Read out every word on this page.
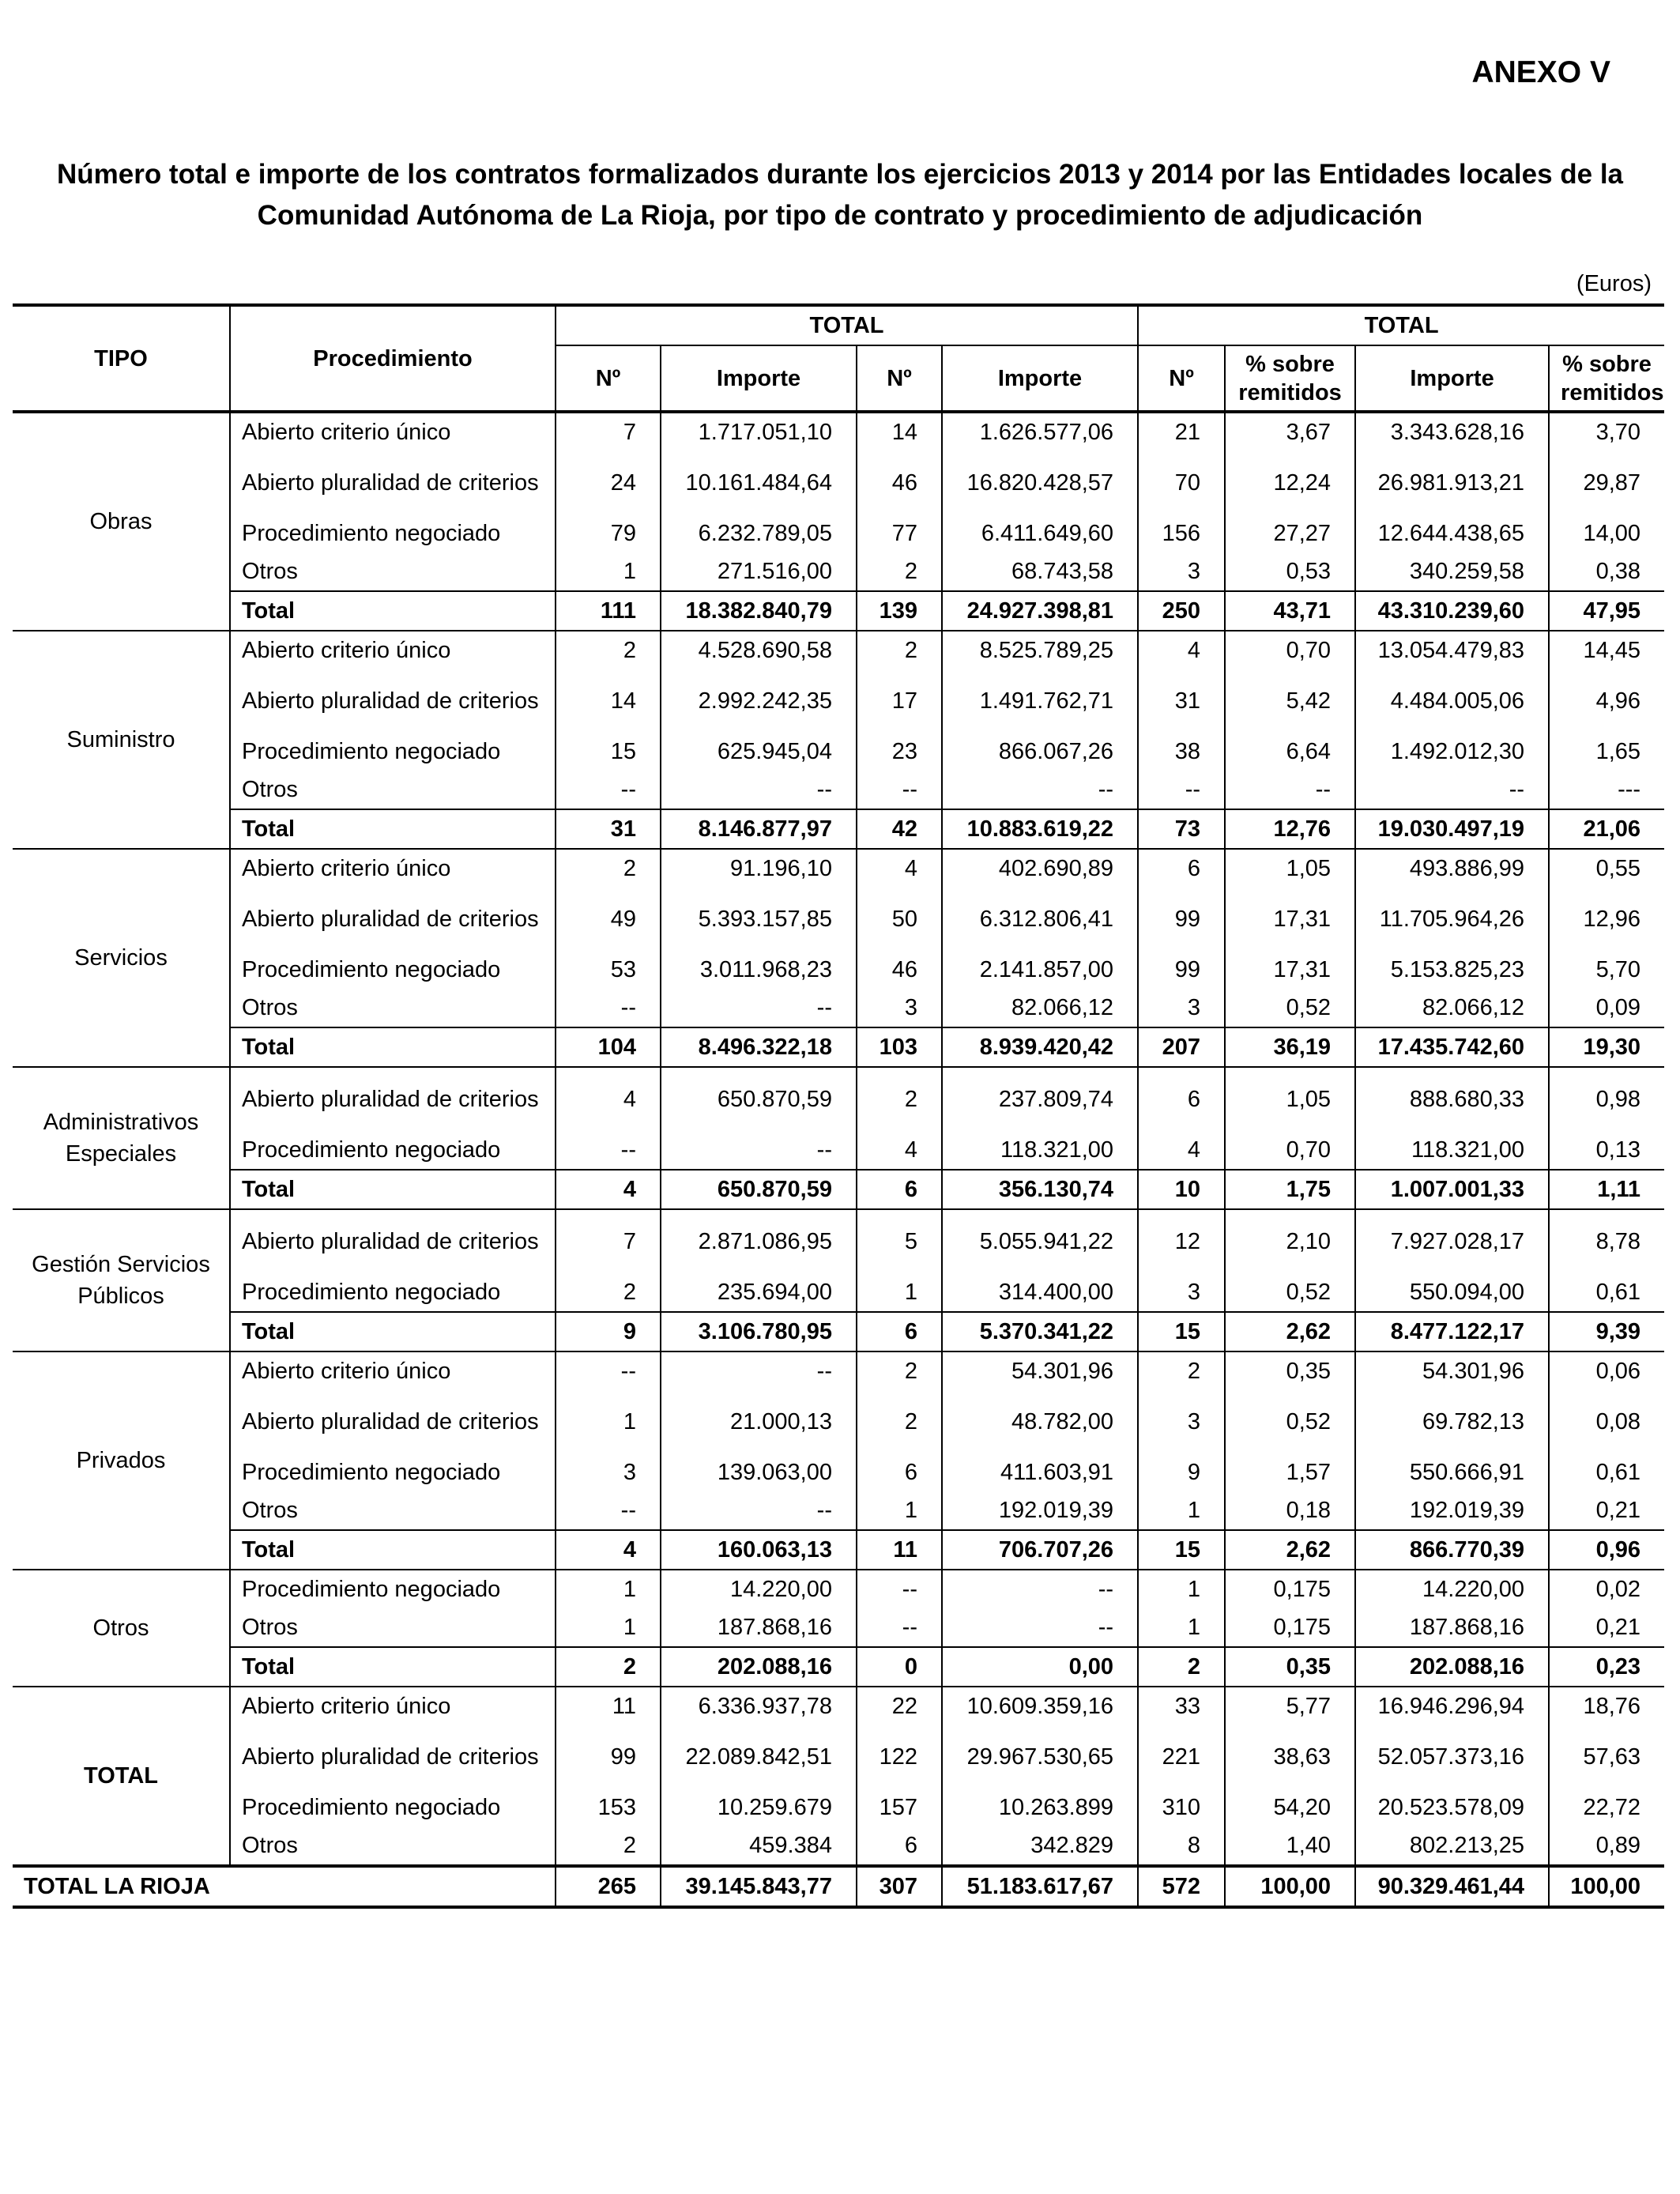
ANEXO V
Número total e importe de los contratos formalizados durante los ejercicios 2013 y 2014 por las Entidades locales de la
Comunidad Autónoma de La Rioja, por tipo de contrato y procedimiento de adjudicación
(Euros)
TIPO	Procedimiento	TOTAL				TOTAL			
		Nº	Importe	Nº	Importe	Nº	% sobre remitidos	Importe	% sobre remitidos
Obras	Abierto criterio único	7	1.717.051,10	14	1.626.577,06	21	3,67	3.343.628,16	3,70
	Abierto pluralidad de criterios	24	10.161.484,64	46	16.820.428,57	70	12,24	26.981.913,21	29,87
	Procedimiento negociado	79	6.232.789,05	77	6.411.649,60	156	27,27	12.644.438,65	14,00
	Otros	1	271.516,00	2	68.743,58	3	0,53	340.259,58	0,38
	Total	111	18.382.840,79	139	24.927.398,81	250	43,71	43.310.239,60	47,95
Suministro	Abierto criterio único	2	4.528.690,58	2	8.525.789,25	4	0,70	13.054.479,83	14,45
	Abierto pluralidad de criterios	14	2.992.242,35	17	1.491.762,71	31	5,42	4.484.005,06	4,96
	Procedimiento negociado	15	625.945,04	23	866.067,26	38	6,64	1.492.012,30	1,65
	Otros	--	--	--	--	--	--	--	---
	Total	31	8.146.877,97	42	10.883.619,22	73	12,76	19.030.497,19	21,06
Servicios	Abierto criterio único	2	91.196,10	4	402.690,89	6	1,05	493.886,99	0,55
	Abierto pluralidad de criterios	49	5.393.157,85	50	6.312.806,41	99	17,31	11.705.964,26	12,96
	Procedimiento negociado	53	3.011.968,23	46	2.141.857,00	99	17,31	5.153.825,23	5,70
	Otros	--	--	3	82.066,12	3	0,52	82.066,12	0,09
	Total	104	8.496.322,18	103	8.939.420,42	207	36,19	17.435.742,60	19,30
Administrativos Especiales	Abierto pluralidad de criterios	4	650.870,59	2	237.809,74	6	1,05	888.680,33	0,98
	Procedimiento negociado	--	--	4	118.321,00	4	0,70	118.321,00	0,13
	Total	4	650.870,59	6	356.130,74	10	1,75	1.007.001,33	1,11
Gestión Servicios Públicos	Abierto pluralidad de criterios	7	2.871.086,95	5	5.055.941,22	12	2,10	7.927.028,17	8,78
	Procedimiento negociado	2	235.694,00	1	314.400,00	3	0,52	550.094,00	0,61
	Total	9	3.106.780,95	6	5.370.341,22	15	2,62	8.477.122,17	9,39
Privados	Abierto criterio único	--	--	2	54.301,96	2	0,35	54.301,96	0,06
	Abierto pluralidad de criterios	1	21.000,13	2	48.782,00	3	0,52	69.782,13	0,08
	Procedimiento negociado	3	139.063,00	6	411.603,91	9	1,57	550.666,91	0,61
	Otros	--	--	1	192.019,39	1	0,18	192.019,39	0,21
	Total	4	160.063,13	11	706.707,26	15	2,62	866.770,39	0,96
Otros	Procedimiento negociado	1	14.220,00	--	--	1	0,175	14.220,00	0,02
	Otros	1	187.868,16	--	--	1	0,175	187.868,16	0,21
	Total	2	202.088,16	0	0,00	2	0,35	202.088,16	0,23
TOTAL	Abierto criterio único	11	6.336.937,78	22	10.609.359,16	33	5,77	16.946.296,94	18,76
	Abierto pluralidad de criterios	99	22.089.842,51	122	29.967.530,65	221	38,63	52.057.373,16	57,63
	Procedimiento negociado	153	10.259.679	157	10.263.899	310	54,20	20.523.578,09	22,72
	Otros	2	459.384	6	342.829	8	1,40	802.213,25	0,89
TOTAL LA RIOJA		265	39.145.843,77	307	51.183.617,67	572	100,00	90.329.461,44	100,00
